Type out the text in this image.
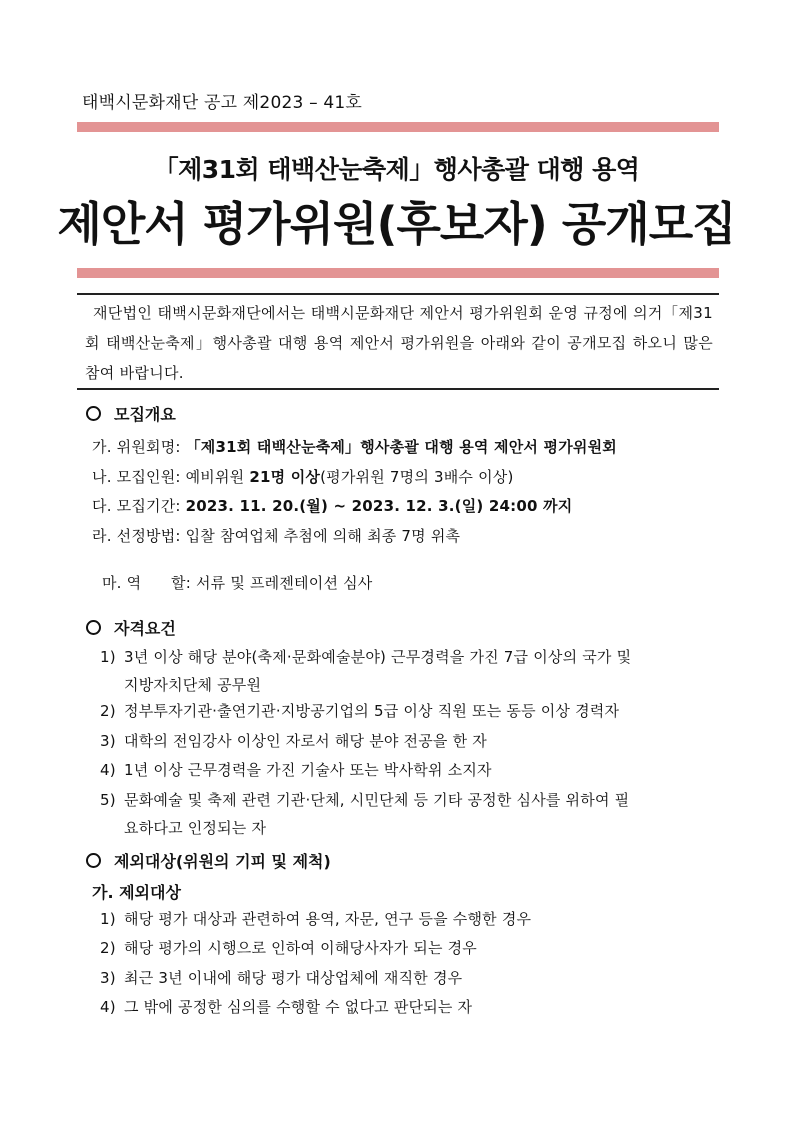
태백시문화재단 공고 제2023 – 41호
「제31회 태백산눈축제」행사총괄 대행 용역
제안서 평가위원(후보자) 공개모집
재단법인 태백시문화재단에서는 태백시문화재단 제안서 평가위원회 운영 규정에 의거「제31회 태백산눈축제」행사총괄 대행 용역 제안서 평가위원을 아래와 같이 공개모집 하오니 많은 참여 바랍니다.
모집개요
가. 위원회명: 「제31회 태백산눈축제」행사총괄 대행 용역 제안서 평가위원회
나. 모집인원: 예비위원 21명 이상(평가위원 7명의 3배수 이상)
다. 모집기간: 2023. 11. 20.(월) ~ 2023. 12. 3.(일) 24:00 까지
라. 선정방법: 입찰 참여업체 추첨에 의해 최종 7명 위촉

마. 역      할: 서류 및 프레젠테이션 심사

자격요건
1) 3년 이상 해당 분야(축제·문화예술분야) 근무경력을 가진 7급 이상의 국가 및
지방자치단체 공무원
2) 정부투자기관·출연기관·지방공기업의 5급 이상 직원 또는 동등 이상 경력자
3) 대학의 전임강사 이상인 자로서 해당 분야 전공을 한 자
4) 1년 이상 근무경력을 가진 기술사 또는 박사학위 소지자
5) 문화예술 및 축제 관련 기관·단체, 시민단체 등 기타 공정한 심사를 위하여 필
요하다고 인정되는 자
제외대상(위원의 기피 및 제척)
가. 제외대상
1) 해당 평가 대상과 관련하여 용역, 자문, 연구 등을 수행한 경우
2) 해당 평가의 시행으로 인하여 이해당사자가 되는 경우
3) 최근 3년 이내에 해당 평가 대상업체에 재직한 경우
4) 그 밖에 공정한 심의를 수행할 수 없다고 판단되는 자
